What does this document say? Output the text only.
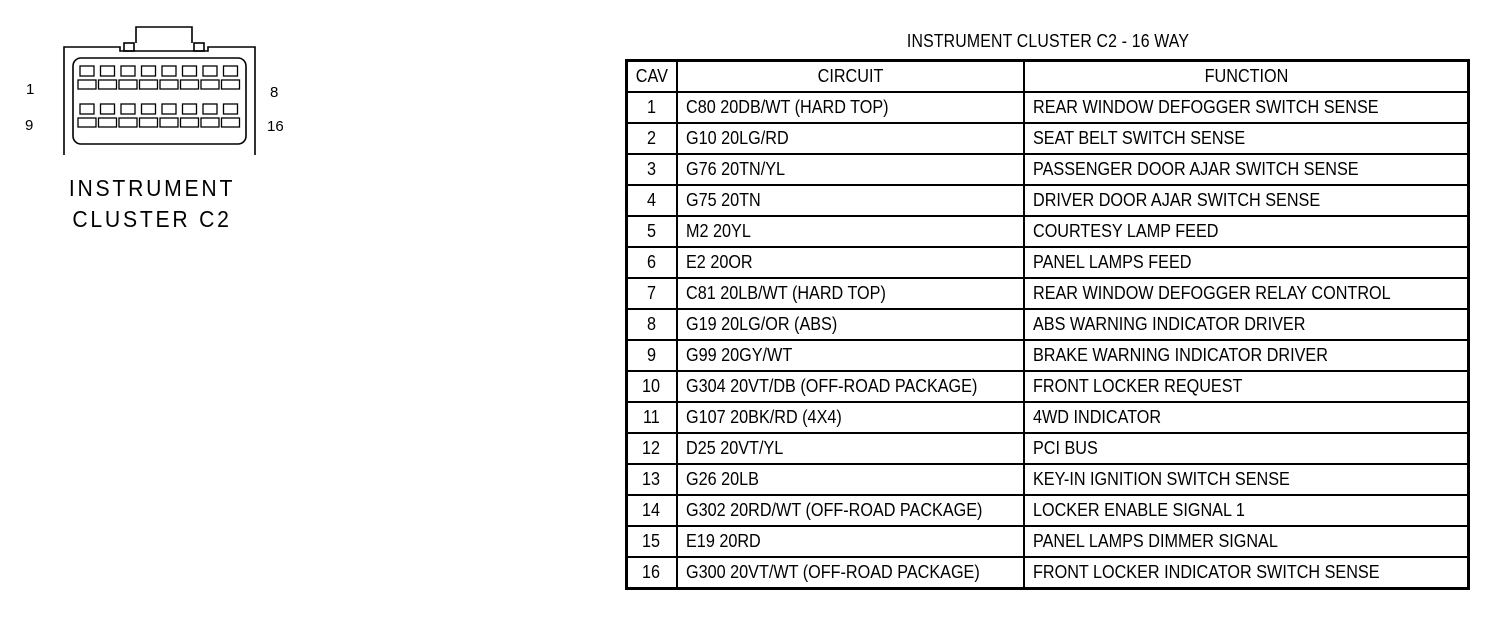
1	8
9	16
INSTRUMENT
CLUSTER C2
INSTRUMENT CLUSTER C2 - 16 WAY
CAV	CIRCUIT	FUNCTION
1	C80 20DB/WT (HARD TOP)	REAR WINDOW DEFOGGER SWITCH SENSE
2	G10 20LG/RD	SEAT BELT SWITCH SENSE
3	G76 20TN/YL	PASSENGER DOOR AJAR SWITCH SENSE
4	G75 20TN	DRIVER DOOR AJAR SWITCH SENSE
5	M2 20YL	COURTESY LAMP FEED
6	E2 20OR	PANEL LAMPS FEED
7	C81 20LB/WT (HARD TOP)	REAR WINDOW DEFOGGER RELAY CONTROL
8	G19 20LG/OR (ABS)	ABS WARNING INDICATOR DRIVER
9	G99 20GY/WT	BRAKE WARNING INDICATOR DRIVER
10	G304 20VT/DB (OFF-ROAD PACKAGE)	FRONT LOCKER REQUEST
11	G107 20BK/RD (4X4)	4WD INDICATOR
12	D25 20VT/YL	PCI BUS
13	G26 20LB	KEY-IN IGNITION SWITCH SENSE
14	G302 20RD/WT (OFF-ROAD PACKAGE)	LOCKER ENABLE SIGNAL 1
15	E19 20RD	PANEL LAMPS DIMMER SIGNAL
16	G300 20VT/WT (OFF-ROAD PACKAGE)	FRONT LOCKER INDICATOR SWITCH SENSE
